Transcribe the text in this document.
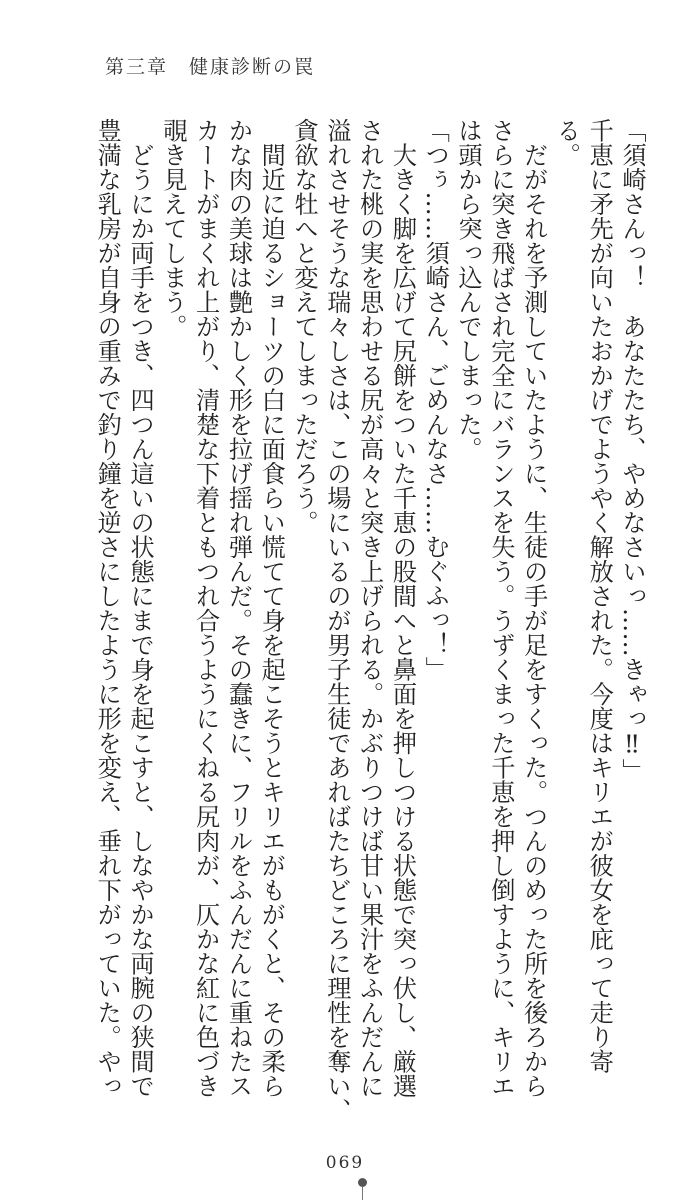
第三章　健康診断の罠
「須崎さんっ！　あなたたち、やめなさいっ……きゃっ‼」
千恵に矛先が向いたおかげでようやく解放された。今度はキリエが彼女を庇って走り寄
る。
　だがそれを予測していたように、生徒の手が足をすくった。つんのめった所を後ろから
さらに突き飛ばされ完全にバランスを失う。うずくまった千恵を押し倒すように、キリエ
は頭から突っ込んでしまった。
「つぅ……須崎さん、ごめんなさ……むぐふっ！」
　大きく脚を広げて尻餅をついた千恵の股間へと鼻面を押しつける状態で突っ伏し、厳選
された桃の実を思わせる尻が高々と突き上げられる。かぶりつけば甘い果汁をふんだんに
溢れさせそうな瑞々しさは、この場にいるのが男子生徒であればたちどころに理性を奪い、
貪欲な牡へと変えてしまっただろう。
　間近に迫るショーツの白に面食らい慌てて身を起こそうとキリエがもがくと、その柔ら
かな肉の美球は艶かしく形を拉げ揺れ弾んだ。その蠢きに、フリルをふんだんに重ねたス
カートがまくれ上がり、清楚な下着ともつれ合うようにくねる尻肉が、仄かな紅に色づき
覗き見えてしまう。
　どうにか両手をつき、四つん這いの状態にまで身を起こすと、しなやかな両腕の狭間で
豊満な乳房が自身の重みで釣り鐘を逆さにしたように形を変え、垂れ下がっていた。やっ
069
